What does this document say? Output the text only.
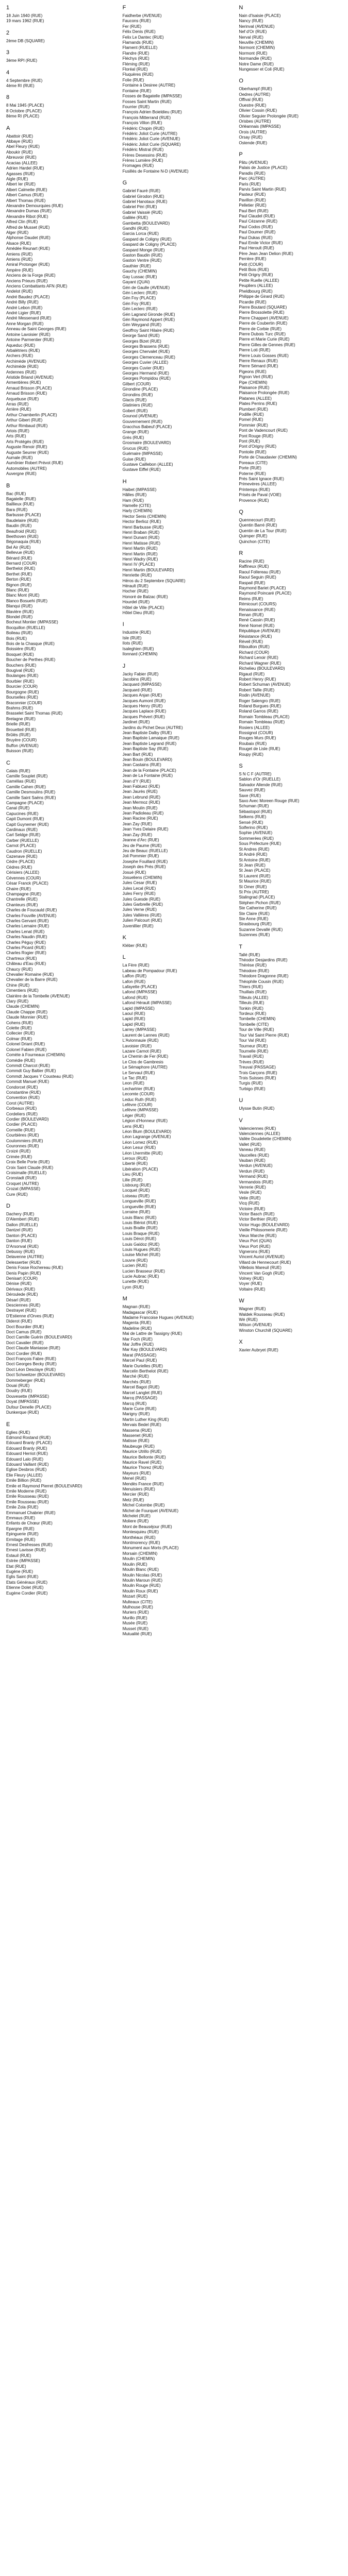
1
18 Juin 1940 (RUE)
19 mars 1962 (RUE)
2
2ème DB (SQUARE)
3
3ème RPI (RUE)
4
4 Septembre (RUE)
4ème RI (RUE)
8
8 Mai 1945 (PLACE)
8 Octobre (PLACE)
8ème RI (PLACE)
A
Abattoir (RUE)
Abbaye (RUE)
Abel Fleury (RUE)
Aboukir (RUE)
Abreuvoir (RUE)
Acacias (ALLEE)
Adrien Hardel (RUE)
Agasses (RUE)
Aigle (RUE)
Albert Ier (RUE)
Albert Calmette (RUE)
Albert Camus (RUE)
Albert Thomas (RUE)
Alexandre Demourquies (RUE)
Alexandre Dumas (RUE)
Alexandre Ribot (RUE)
Alfred Clin (RUE)
Alfred de Musset (RUE)
Alger (RUE)
Alphonse Daudet (RUE)
Alsace (RUE)
Amédée Reunart (RUE)
Amiens (RUE)
Amiens (RUE)
Amiral Protonger (RUE)
Ampère (RUE)
Anciens de la Forge (RUE)
Anciens Prieurs (RUE)
Anciens Combattants AFN (RUE)
Andelot (RUE)
André Baudez (PLACE)
André Billy (RUE)
André Lebon (RUE)
André Ligier (RUE)
André Messenard (RUE)
Anne Morgan (RUE)
Anneau de Saint Georges (RUE)
Antoine Lavoisier (RUE)
Antoine Parmentier (RUE)
Aqueduc (RUE)
Arbalétriers (RUE)
Archers (RUE)
Archimède (AVENUE)
Archimède (RUE)
Ardennes (RUE)
Aristide Briand (AVENUE)
Armentières (RUE)
Arnaud Brisson (PLACE)
Arnaud Brisson (RUE)
Arquebuse (RUE)
Arras (RUE)
Arrière (RUE)
Arthur Chamberlin (PLACE)
Arthur Gibert (RUE)
Arthur Rimbaud (RUE)
Artois (RUE)
Arts (RUE)
Arts Protégés (RUE)
Auguste Renoir (RUE)
Auguste Seurrer (RUE)
Aumale (RUE)
Aumônier Robert Prévot (RUE)
Automobiles (AUTRE)
Auvergne (RUE)
B
Bac (RUE)
Bagatelle (RUE)
Baillieux (RUE)
Bara (RUE)
Barbusse (PLACE)
Baudelaire (RUE)
Baudin (RUE)
Beaufroid (RUE)
Beethoven (RUE)
Bégonaquia (RUE)
Bel Air (RUE)
Bellevue (RUE)
Bénard (RUE)
Bernard (COUR)
Berthelot (RUE)
Berthet (RUE)
Berton (RUE)
Bignon (RUE)
Blanc (RUE)
Blanc Mont (RUE)
Blanco Bosuehi (RUE)
Blanqui (RUE)
Blavière (RUE)
Blondel (RUE)
Bocheut Montier (IMPASSE)
Bocquillon (RUELLE)
Boileau (RUE)
Bois (RUE)
Bois de la Chasque (RUE)
Boissière (RUE)
Bosquet (RUE)
Boucher de Perthes (RUE)
Bouchers (RUE)
Bougival (RUE)
Boulanges (RUE)
Bourbier (RUE)
Bourcier (COUR)
Bourgogne (RUE)
Bourselles (RUE)
Braconnier (COUR)
Brahms (RUE)
Brasselet Saint Thomas (RUE)
Bretagne (RUE)
Brielle (RUE)
Brouetteil (RUE)
Brûlés (RUE)
Bruyère (COUR)
Buffon (AVENUE)
Buisson (RUE)
C
Calais (RUE)
Camille Souplet (RUE)
Camélias (RUE)
Camille Cahen (RUE)
Camille Desmoulins (RUE)
Camille Saint Saëns (RUE)
Campagne (PLACE)
Canal (RUE)
Capucines (RUE)
Capit Dumont (RUE)
Capit Guynemer (RUE)
Cardinaux (RUE)
Carl Seldge (RUE)
Carber (RUELLE)
Carnot (PLACE)
Caudron (RUELLE)
Cazenave (RUE)
Cèdre (PLACE)
Cèdres (RUE)
Cérisiers (ALLEE)
Cévennes (COUR)
César Franck (PLACE)
Chaire (RUE)
Champagne (RUE)
Chantrelle (RUE)
Chanteurs (RUE)
Charles de Foucauld (RUE)
Charles Fouville (AVENUE)
Charles Gervant (RUE)
Charles Lemaire (RUE)
Charles Lenat (RUE)
Charles Naudin (RUE)
Charles Péguy (RUE)
Charles Picard (RUE)
Charles Rogier (RUE)
Chartreux (RUE)
Château d'Eau (RUE)
Chaucy (RUE)
Chevalier Romaine (RUE)
Chevalier de la Barre (RUE)
Chine (RUE)
Cimentiers (RUE)
Clairière de la Tombelle (AVENUE)
Clary (RUE)
Claude (CHEMIN)
Claude Chappe (RUE)
Claude Monnier (RUE)
Cohens (RUE)
Colette (RUE)
Collecier (RUE)
Colmar (RUE)
Colonel Driant (RUE)
Colonel Fabien (RUE)
Comète à Fourneaux (CHEMIN)
Comédie (RUE)
Commdt Charcot (RUE)
Commdt Guy Baltier (RUE)
Commdt Jacques Y Cousteau (RUE)
Commdt Manuel (RUE)
Condorcet (RUE)
Constantine (RUE)
Convention (RUE)
Corot (AUTRE)
Corbeaux (RUE)
Cordeliers (RUE)
Cordier (BOULEVARD)
Cordier (PLACE)
Corneille (RUE)
Courbières (RUE)
Coulommiers (RUE)
Couronnes (RUE)
Croizé (RUE)
Crimée (RUE)
Croix Belle Porte (RUE)
Croix Saint Claude (RUE)
Croisimalle (RUELLE)
Cronstadt (RUE)
Croquet (AUTRE)
Crozat (IMPASSE)
Cure (RUE)
D
Dachery (RUE)
D'Alembert (RUE)
Dallon (RUELLE)
Dantzel (RUE)
Danton (PLACE)
Danton (RUE)
D'Arsonval (RUE)
Debussy (RUE)
Delavenne (AUTRE)
Delessertier (RUE)
Denis Fosse Rochereau (RUE)
Denis Papin (RUE)
Denisart (COUR)
Dénise (RUE)
Dérivaux (RUE)
Déroulede (RUE)
Désarl (RUE)
Desciennes (RUE)
Destrayet (RUE)
D'Estienne d'Orves (RUE)
Diderot (RUE)
Doct Bourdier (RUE)
Doct Camus (RUE)
Doct Camille Guérin (BOULEVARD)
Doct Cavalier (RUE)
Doct Claude Maniasse (RUE)
Doct Cordier (RUE)
Doct François Fabre (RUE)
Doct Georges Becky (RUE)
Doct Léon Desclaye (RUE)
Doct Schweitzer (BOULEVARD)
Dommeberger (RUE)
Douai (RUE)
Doudry (RUE)
Douvesette (IMPASSE)
Doyat (IMPASSE)
Dufour Denelle (PLACE)
Dunkerque (RUE)
E
Eglies (RUE)
Edmond Rostand (RUE)
Edouard Branly (PLACE)
Edouard Branly (RUE)
Edouard Herriot (RUE)
Edouard Lalo (RUE)
Edouard Vaillant (RUE)
Eglise Desbros (RUE)
Elie Fleury (ALLEE)
Emile Billion (RUE)
Emile et Raymond Pierret (BOULEVARD)
Emile Moderne (RUE)
Emile Rousseau (RUE)
Emile Rousseau (RUE)
Emile Zola (RUE)
Emmanuel Chabrier (RUE)
Emmaus (RUE)
Enfants de Chœur (RUE)
Epargne (RUE)
Epinguerie (RUE)
Ermitage (RUE)
Ernest Desfresses (RUE)
Ernest Lavisse (RUE)
Estauil (RUE)
Estrée (IMPASSE)
Etat (RUE)
Eugène (RUE)
Eglis Saint (RUE)
Etats Généraux (RUE)
Etienne Dolet (RUE)
Eugène Cordier (RUE)
F
Faidherbe (AVENUE)
Faucons (RUE)
Fer (RUE)
Félix Denis (RUE)
Felix Le Dantec (RUE)
Flamands (RUE)
Flament (RUELLE)
Flandre (RUE)
Fléchys (RUE)
Fléming (RUE)
Floréal (RUE)
Fluquères (RUE)
Folie (RUE)
Fontaine à Desiree (AUTRE)
Fontaine (RUE)
Fosses de Bagatelle (IMPASSE)
Fosses Saint Martin (RUE)
Fourrier (RUE)
François Adrien Boieldieu (RUE)
François Mitterrand (RUE)
François Villon (RUE)
Frédéric Chopin (RUE)
Frédéric Joliot Curie (AUTRE)
Frédéric Joliot Curie (AVENUE)
Frédéric Joliot Curie (SQUARE)
Frédéric Mistral (RUE)
Frères Desessins (RUE)
Frères Lumière (RUE)
Fromages (RUE)
Fusillés de Fontaine N-D (AVENUE)
G
Gabriel Fauré (RUE)
Gabriel Girodon (RUE)
Gabriel Hanotaux (RUE)
Gabriel Péri (RUE)
Gabriel Vaissié (RUE)
Galilée (RUE)
Gambetta (BOULEVARD)
Gandhi (RUE)
Garcia Lorca (RUE)
Gaspard de Coligny (RUE)
Gaspard de Coligny (PLACE)
Gaspard Monge (RUE)
Gaston Baudin (RUE)
Gaston Ventre (RUE)
Gauthier (RUE)
Gauchy (CHEMIN)
Gay Lussac (RUE)
Gayant (QUAI)
Gén de Gaulle (AVENUE)
Gén Leclerc (RUE)
Gén Foy (PLACE)
Gén Foy (RUE)
Gén Leclerc (RUE)
Gén Lagrand Gironde (RUE)
Gén Raymond Appert (RUE)
Gén Weygand (RUE)
Geoffroy Saint Hilaire (RUE)
George Sand (RUE)
Georges Bizet (RUE)
Georges Brassens (RUE)
Georges Chervalet (RUE)
Georges Clemenceau (RUE)
Georges Cuvier (ALLEE)
Georges Cuvier (RUE)
Georges Hermand (RUE)
Georges Pompidou (RUE)
Gilbert (COUR)
Girondine (PLACE)
Girondins (RUE)
Glacis (RUE)
Glatiniers (RUE)
Gobert (RUE)
Gounod (AVENUE)
Gouvernement (RUE)
Gracchus Babeuf (PLACE)
Grange (RUE)
Grès (RUE)
Grosmaire (BOULEVARD)
Grucus (RUE)
Guémaire (IMPASSE)
Guise (RUE)
Gustave Caillebon (ALLEE)
Gustave Eiffel (RUE)
H
Haibet (IMPASSE)
Hâlles (RUE)
Ham (RUE)
Hamelle (CITE)
Harly (CHEMIN)
Hector Senis (CHEMIN)
Hector Berlioz (RUE)
Henri Barbusse (RUE)
Henri Braban (RUE)
Henri Dunant (RUE)
Henri Matisse (RUE)
Henri Martin (RUE)
Henri Martin (RUE)
Henri Wadry (RUE)
Henri IV (PLACE)
Henri Martin (BOULEVARD)
Henriette (RUE)
Héros du 2 Septembre (SQUARE)
Hérault (RUE)
Hocher (RUE)
Honoré de Balzac (RUE)
Hourdel (RUE)
Hôtel de Ville (PLACE)
Hôtel Dieu (RUE)
I
Industrie (RUE)
Isle (RUE)
Ilots (RUE)
Isaleghien (RUE)
Ilonnard (CHEMIN)
J
Jacky Fabier (RUE)
Jacobins (RUE)
Jacquard (IMPASSE)
Jacquard (RUE)
Jacques Anjan (RUE)
Jacques Aumont (RUE)
Jacques Henry (RUE)
Jacques Laplace (RUE)
Jacques Prévert (RUE)
Jardinet (RUE)
Jardins du Pichet Deux (AUTRE)
Jean Baptiste Dalby (RUE)
Jean Baptiste Lamaique (RUE)
Jean Baptiste Legrand (RUE)
Jean Baptiste Say (RUE)
Jean Bart (RUE)
Jean Bouin (BOULEVARD)
Jean Castains (RUE)
Jean de la Fontaine (PLACE)
Jean de La Fontaine (RUE)
Jean d'Y (RUE)
Jean Fabiuez (RUE)
Jean Jaurès (RUE)
Jean Lebrund (RUE)
Jean Mermoz (RUE)
Jean Moulin (RUE)
Jean Padioleau (RUE)
Jean Racine (RUE)
Jean Zay (RUE)
Jean Yves Delaire (RUE)
Jean Zay (RUE)
Jeanne d'Arc (RUE)
Jeu de Paume (RUE)
Jeu de Beauc (RUELLE)
Joli Pommier (RUE)
Josephe Fouillard (RUE)
Joseph des Prés (RUE)
Josué (RUE)
Josueliens (CHEMIN)
Jules Cesar (RUE)
Jules Lecal (RUE)
Jules Ferry (RUE)
Jules Guesde (RUE)
Jules Garbrelle (RUE)
Jules Verne (RUE)
Jules Vallières (RUE)
Julien Palcourt (RUE)
Juvenillier (RUE)
K
Kléber (RUE)
L
La Fère (RUE)
Labeau de Pompadour (RUE)
Laffon (RUE)
Lafon (RUE)
Lafayette (PLACE)
Lafond (IMPASSE)
Lafond (RUE)
Lafond Hérault (IMPASSE)
Lapid (IMPASSE)
Laoul (RUE)
Lapid (RUE)
Lapid (RUE)
Larrey (IMPASSE)
Laurent de Lannes (RUE)
L'Avionnauie (RUE)
Lavoisier (RUE)
Lazare Carnot (RUE)
Le Chemin de Fer (RUE)
Le Clos de Gambresis
Le Sémaphore (AUTRE)
Le Servaul (RUE)
Le Tac (RUE)
Leon (RUE)
Lechartrier (RUE)
Lecomte (COUR)
Leduc Ruth (RUE)
Lefèvre (COUR)
Lefèvre (IMPASSE)
Léger (RUE)
Légion d'Honneur (RUE)
Lens (RUE)
Léon Blum (BOULEVARD)
Léon Lagrange (AVENUE)
Léon Lomez (RUE)
Léon Lesur (RUE)
Léon Lhermitte (RUE)
Leroux (RUE)
Liberté (RUE)
Libération (PLACE)
Lieu (RUE)
Lille (RUE)
Lisbourg (RUE)
Locquet (RUE)
Loiseau (RUE)
Longueville (RUE)
Longueville (RUE)
Lorraine (RUE)
Louis Blanc (RUE)
Louis Blériot (RUE)
Louis Braille (RUE)
Louis Braque (RUE)
Louis Dérot (RUE)
Louis Gaïdoz (RUE)
Louis Hugues (RUE)
Louise Michel (RUE)
Louvre (RUE)
Lucien (RUE)
Lucien Brasseur (RUE)
Lucie Aubrac (RUE)
Lunette (RUE)
Lyon (RUE)
M
Magnan (RUE)
Madagascar (RUE)
Madame Francoise Hugues (AVENUE)
Magenta (RUE)
Madeline (RUE)
Mai de Lattre de Tassigny (RUE)
Mar Foch (RUE)
Mar Joffre (RUE)
Mar Kay (BOULEVARD)
Marat (PASSAGE)
Marcel Paul (RUE)
Marie Ourielles (RUE)
Marcelin Berthelot (RUE)
Marché (RUE)
Marchés (RUE)
Marcel Bagot (RUE)
Marcel Langlet (RUE)
Marcq (PASSAGE)
Marcq (RUE)
Marie Curie (RUE)
Marigny (RUE)
Martin Luther King (RUE)
Mervais Bedel (RUE)
Massena (RUE)
Massenet (RUE)
Matisse (RUE)
Maubeuge (RUE)
Maurice Utrillo (RUE)
Maurice Bellonte (RUE)
Maurice Ravel (RUE)
Maurice Thorez (RUE)
Mayeurs (RUE)
Menel (RUE)
Mendès France (RUE)
Menuisiers (RUE)
Mercier (RUE)
Metz (RUE)
Michel Colombe (RUE)
Michel de Fourquet (AVENUE)
Michelet (RUE)
Moliere (RUE)
Mont de Beauséjour (RUE)
Montesquieu (RUE)
Monthéaux (RUE)
Montmorency (RUE)
Monument aux Morts (PLACE)
Morsain (CHEMIN)
Moulin (CHEMIN)
Moulin (RUE)
Moulin Blanc (RUE)
Moulin Nicolas (RUE)
Moulin Maroun (RUE)
Moulin Rouge (RUE)
Moulin Roux (RUE)
Mozart (RUE)
Multeaux (CITE)
Mulhouse (RUE)
Muriers (RUE)
Murillo (RUE)
Musée (RUE)
Musset (RUE)
Mutualité (RUE)
N
Nain d'Isaisie (PLACE)
Nancy (RUE)
Nerinval (AVENUE)
Nef d'Or (RUE)
Nerval (RUE)
Neuville (CHEMIN)
Normont (CHEMIN)
Normont (RUE)
Normandie (RUE)
Notre Dame (RUE)
Nungesser et Coli (RUE)
O
Oberhampf (RUE)
Oedres (AUTRE)
Offival (RUE)
Ouestre (RUE)
Olivier Cossin (RUE)
Olivier Seguier Prolongée (RUE)
Orisbes (AUTRE)
Orléannais (IMPASSE)
Orois (AUTRE)
Orsay (RUE)
Ostende (RUE)
P
Pâtu (AVENUE)
Palais de Justice (PLACE)
Paradis (RUE)
Parc (AUTRE)
Paris (RUE)
Parvis Saint Martin (RUE)
Pasteur (RUE)
Pavillon (RUE)
Pelletier (RUE)
Paul Bert (RUE)
Paul Claudel (RUE)
Paul Cézanne (RUE)
Paul Codos (RUE)
Paul Doumer (RUE)
Paul Dukas (RUE)
Paul Emile Victor (RUE)
Paul Heroult (RUE)
Père Jean Jean Delion (RUE)
Perrière (RUE)
Petit (COUR)
Petit Bois (RUE)
Petit Origny (RUE)
Petite Ruelle (ALLEE)
Peupliers (ALLEE)
Pheldbourg (RUE)
Philippe de Girard (RUE)
Picardie (RUE)
Pierre Boutard (SQUARE)
Pierre Brossolette (RUE)
Pierre Chappert (AVENUE)
Pierre de Coubertin (RUE)
Pierre de Corbie (RUE)
Pierre Dubois Turc (RUE)
Pierre et Marie Curie (RUE)
Pierre Gilles de Gennes (RUE)
Pierre Loti (RUE)
Pierre Louis Gosses (RUE)
Pierre Renaux (RUE)
Pierre Sémard (RUE)
Pigeons (RUE)
Pignon Vert (RUE)
Pipe (CHEMIN)
Plaisance (RUE)
Plaisance Prolongée (RUE)
Platanes (ALLEE)
Plates Perrins (RUE)
Plumbert (RUE)
Podille (RUE)
Pomel (RUE)
Pommier (RUE)
Pont de Vadencourt (RUE)
Pont Rouge (RUE)
Pont (RUE)
Pont d'Origny (RUE)
Pontoile (RUE)
Porte de Chaudavier (CHEMIN)
Poreaux (CITE)
Porte (RUE)
Poterne (RUE)
Prés Saint Ignace (RUE)
Primevères (ALLEE)
Printemps (RUE)
Prisés de Paval (VOIE)
Provence (RUE)
Q
Quennecourt (RUE)
Quentin Barré (RUE)
Quentin de La Tour (RUE)
Quimper (RUE)
Quinchon (CITE)
R
Racine (RUE)
Raffineux (RUE)
Raoul Follereau (RUE)
Raoul Seguin (RUE)
Raspail (RUE)
Raymond Bariet (PLACE)
Raymond Poincaré (PLACE)
Reims (RUE)
Rémicourt (COURS)
Renaissance (RUE)
Renan (RUE)
René Cassin (RUE)
René Nomel (RUE)
République (AVENUE)
Résistance (RUE)
Réveil (RUE)
Ribouillon (RUE)
Richard (COUR)
Richard Lenoir (RUE)
Richard Wagner (RUE)
Richelieu (BOULEVARD)
Rigaud (RUE)
Robert Henry (RUE)
Robert Schuman (AVENUE)
Robert Tallle (RUE)
Rodin (AVENUE)
Roger Salengro (RUE)
Roland Burgues (RUE)
Roland Garros (RUE)
Romain Tombleau (PLACE)
Romain Tombleau (RUE)
Rosiers (ALLEE)
Rossignol (COUR)
Rouges Murs (RUE)
Roubaix (RUE)
Rouget de Lisle (RUE)
Roupy (RUE)
S
S N C F (AUTRE)
Sablon d'Or (RUELLE)
Salvador Allende (RUE)
Sauvez (RUE)
Saxe (RUE)
Saxo Avec Moreen Rouge (RUE)
Schuman (RUE)
Sébastopol (RUE)
Selkens (RUE)
Sensé (RUE)
Solferino (RUE)
Sophie (AVENUE)
Sommerées (RUE)
Sous Préfecture (RUE)
St Andres (RUE)
St André (RUE)
St Antoine (RUE)
St Jean (RUE)
St Jean (PLACE)
St Laurent (RUE)
St Maurice (RUE)
St Omer (RUE)
St Prix (AUTRE)
Stalingrad (PLACE)
Stéphen Pichon (RUE)
Ste Catherine (RUE)
Ste Claire (RUE)
Ste Anne (RUE)
Strasbourg (RUE)
Suzanne Devallé (RUE)
Suzennes (RUE)
T
Tallé (RUE)
Théodor Desjardins (RUE)
Thérèse (RUE)
Théodore (RUE)
Théodore Dragonne (RUE)
Théophile Cousin (RUE)
Thiers (RUE)
Thuillais (RUE)
Tilleuls (ALLEE)
Tilleuls (RUE)
Tonkin (RUE)
Tordeux (RUE)
Tombelle (CHEMIN)
Tombelle (CITE)
Tour de Ville (RUE)
Tour Val Saint Pierre (RUE)
Tour Val (RUE)
Tourneur (RUE)
Tournelle (RUE)
Travail (RUE)
Trèves (RUE)
Treuval (PASSAGE)
Trois Garçons (RUE)
Trois Suisses (RUE)
Turgis (RUE)
Turbigo (RUE)
U
Ulysse Butin (RUE)
V
Valenciennes (RUE)
Valenciennes (ALLEE)
Vallée Doudelette (CHEMIN)
Vallet (RUE)
Vaneau (RUE)
Vaucelles (RUE)
Vauban (RUE)
Verdun (AVENUE)
Verdun (RUE)
Vermand (RUE)
Vermandois (RUE)
Verrerie (RUE)
Vesle (RUE)
Vetie (RUE)
Vicq (RUE)
Victoire (RUE)
Victor Basch (RUE)
Victor Berthier (RUE)
Victor Hugo (BOULEVARD)
Vieille Philosomerie (RUE)
Vieux Marche (RUE)
Vieux Port (QUAI)
Vieux Port (RUE)
Vignerons (RUE)
Vincent Auriol (AVENUE)
Villard de Hennecourt (RUE)
Villebois Mareuil (RUE)
Vincent Van Gogh (RUE)
Volney (RUE)
Voyer (RUE)
Voltaire (RUE)
W
Wagner (RUE)
Waldek Rousseau (RUE)
Wé (RUE)
Wilson (AVENUE)
Winston Churchill (SQUARE)
X
Xavier Aubryet (RUE)
